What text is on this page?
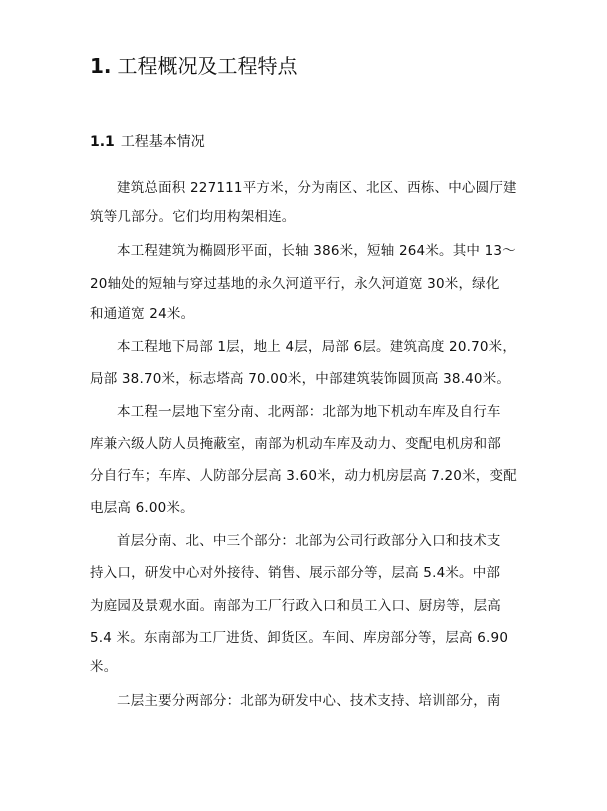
1. 工程概况及工程特点
1.1 工程基本情况
建筑总面积 227111平方米，分为南区、北区、西栋、中心圆厅建
筑等几部分。它们均用构架相连。
本工程建筑为椭圆形平面，长轴 386米，短轴 264米。其中 13～
20轴处的短轴与穿过基地的永久河道平行，永久河道宽 30米，绿化
和通道宽 24米。
本工程地下局部 1层，地上 4层，局部 6层。建筑高度 20.70米，
局部 38.70米，标志塔高 70.00米，中部建筑装饰圆顶高 38.40米。
本工程一层地下室分南、北两部：北部为地下机动车库及自行车
库兼六级人防人员掩蔽室，南部为机动车库及动力、变配电机房和部
分自行车；车库、人防部分层高 3.60米，动力机房层高 7.20米，变配
电层高 6.00米。
首层分南、北、中三个部分：北部为公司行政部分入口和技术支
持入口，研发中心对外接待、销售、展示部分等，层高 5.4米。中部
为庭园及景观水面。南部为工厂行政入口和员工入口、厨房等，层高
5.4 米。东南部为工厂进货、卸货区。车间、库房部分等，层高 6.90
米。
二层主要分两部分：北部为研发中心、技术支持、培训部分，南
